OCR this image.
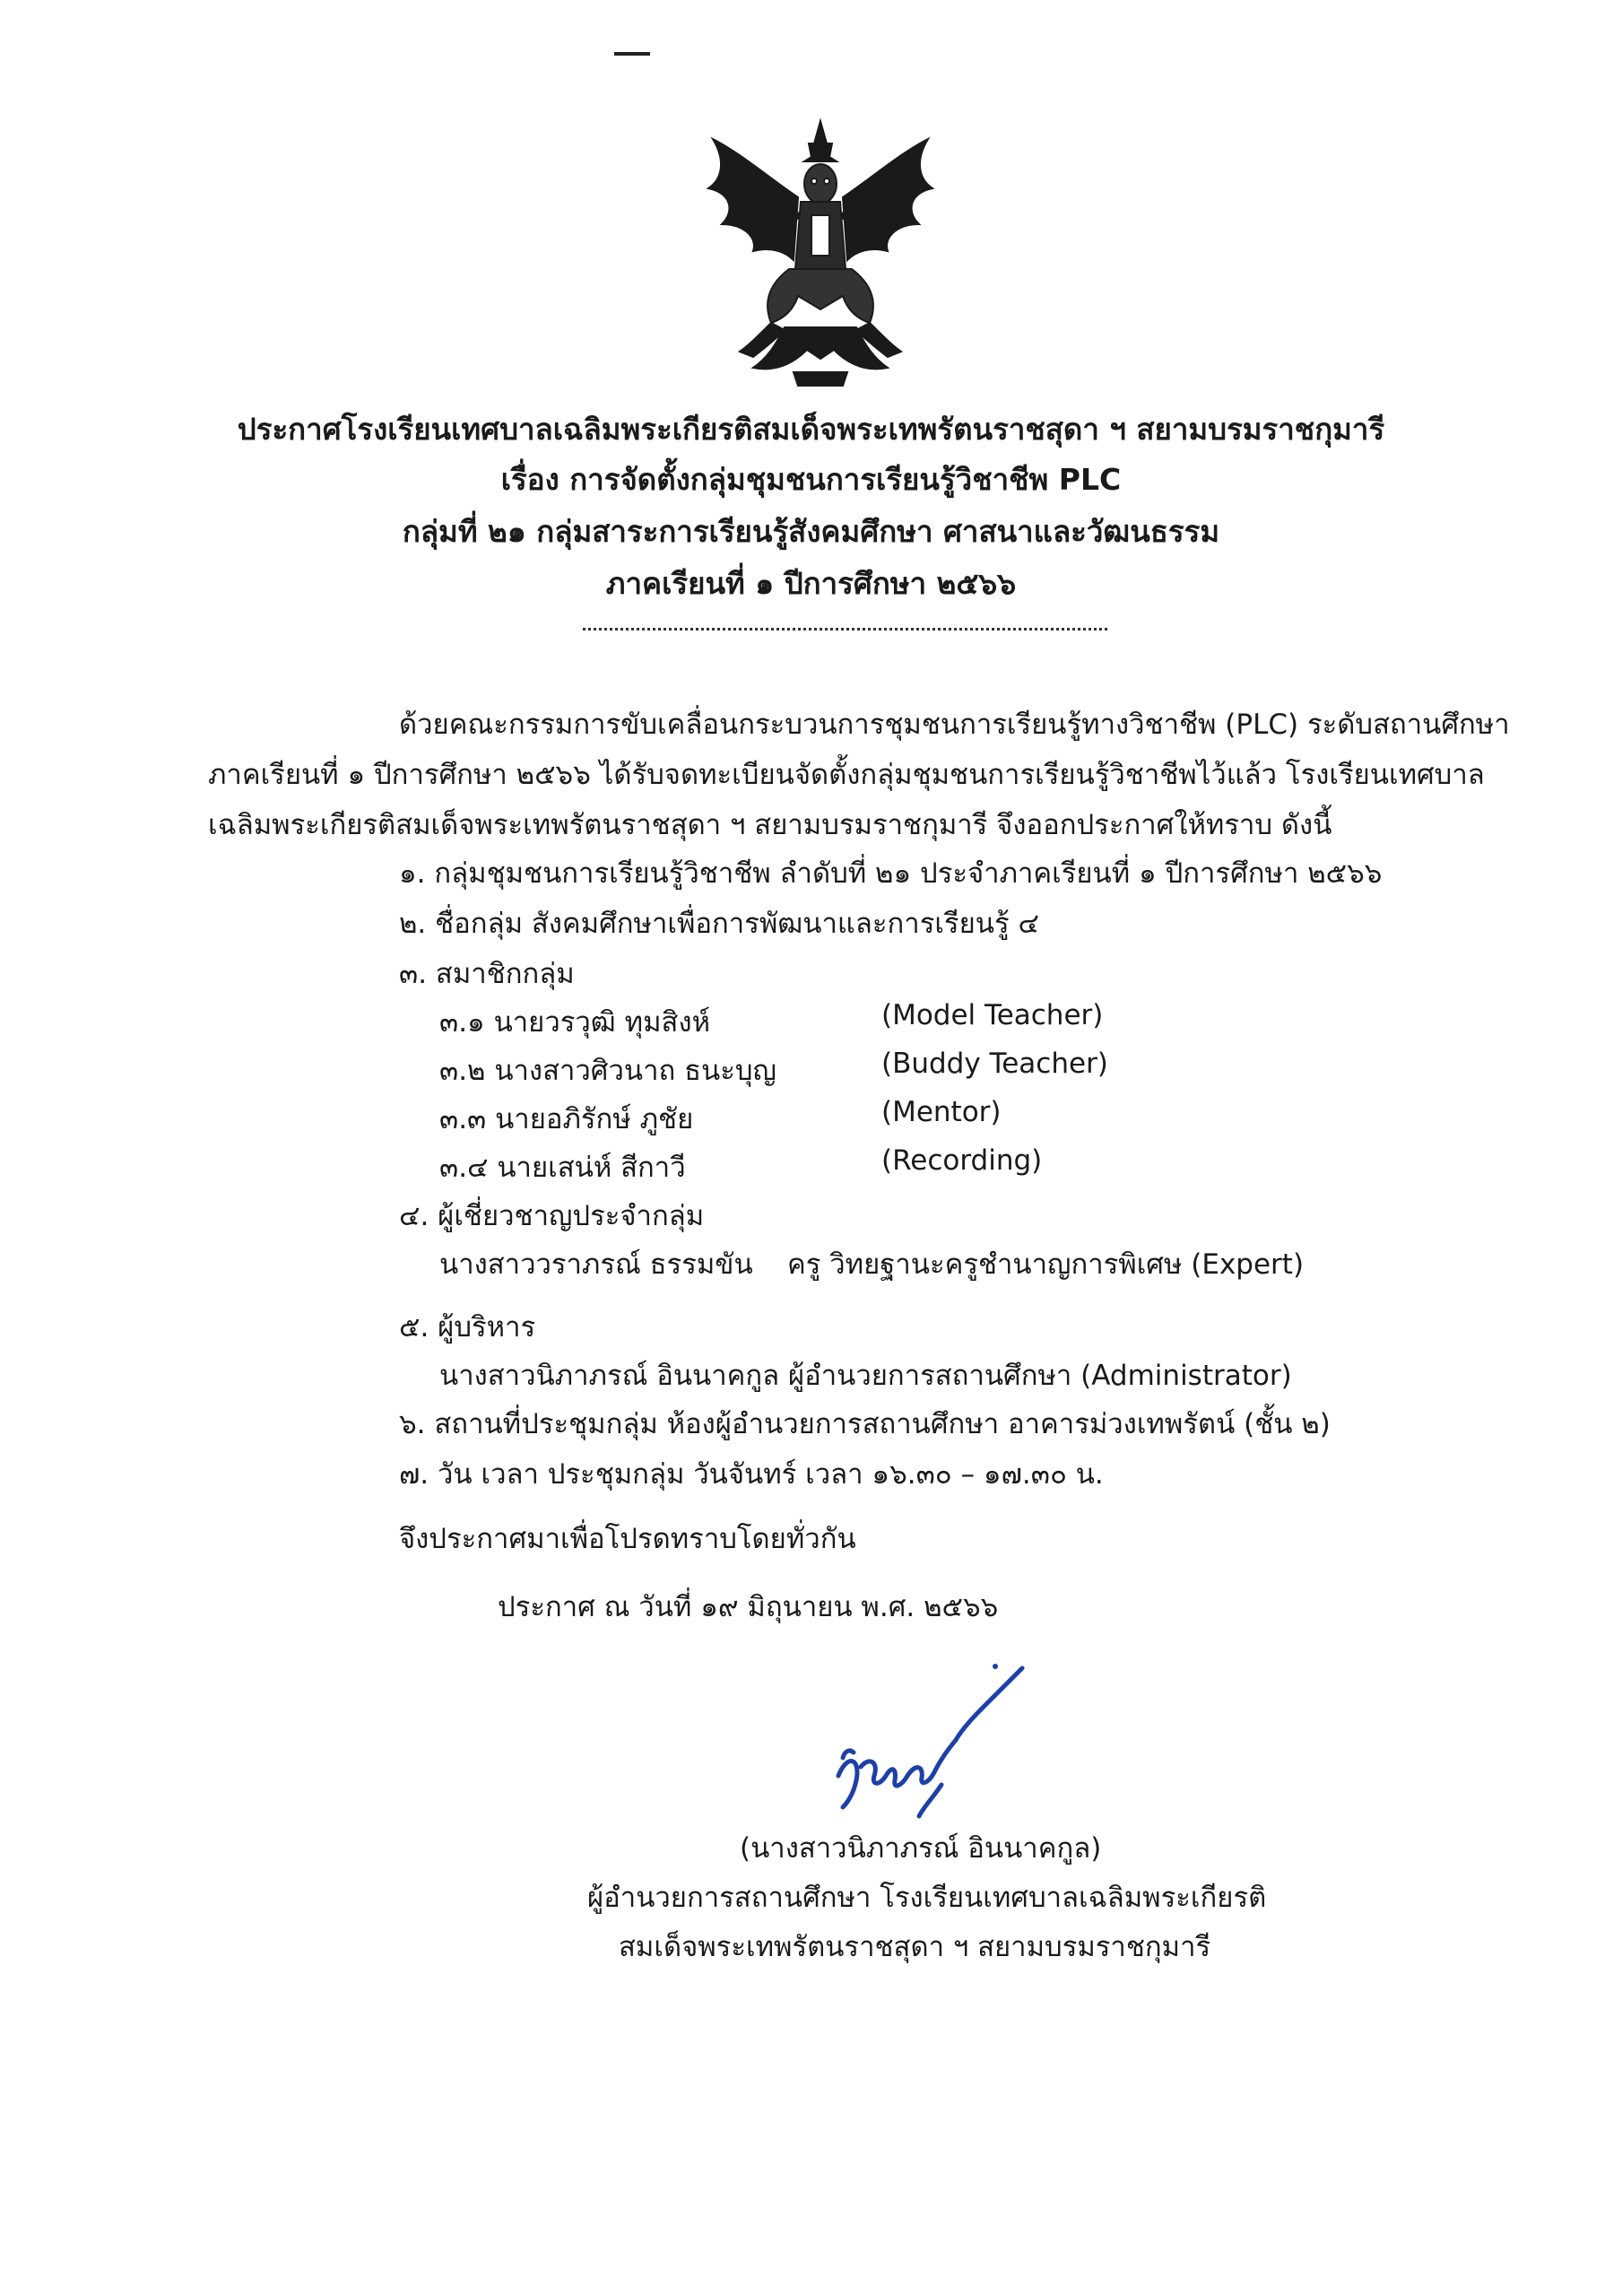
ประกาศโรงเรียนเทศบาลเฉลิมพระเกียรติสมเด็จพระเทพรัตนราชสุดา ฯ สยามบรมราชกุมารี
เรื่อง การจัดตั้งกลุ่มชุมชนการเรียนรู้วิชาชีพ PLC
กลุ่มที่ ๒๑ กลุ่มสาระการเรียนรู้สังคมศึกษา ศาสนาและวัฒนธรรม
ภาคเรียนที่ ๑ ปีการศึกษา ๒๕๖๖
ด้วยคณะกรรมการขับเคลื่อนกระบวนการชุมชนการเรียนรู้ทางวิชาชีพ (PLC) ระดับสถานศึกษา
ภาคเรียนที่ ๑ ปีการศึกษา ๒๕๖๖ ได้รับจดทะเบียนจัดตั้งกลุ่มชุมชนการเรียนรู้วิชาชีพไว้แล้ว โรงเรียนเทศบาล
เฉลิมพระเกียรติสมเด็จพระเทพรัตนราชสุดา ฯ สยามบรมราชกุมารี จึงออกประกาศให้ทราบ ดังนี้
๑. กลุ่มชุมชนการเรียนรู้วิชาชีพ ลำดับที่ ๒๑ ประจำภาคเรียนที่ ๑ ปีการศึกษา ๒๕๖๖
๒. ชื่อกลุ่ม สังคมศึกษาเพื่อการพัฒนาและการเรียนรู้ ๔
๓. สมาชิกกลุ่ม
๓.๑ นายวรวุฒิ ทุมสิงห์	(Model Teacher)
๓.๒ นางสาวศิวนาถ ธนะบุญ	(Buddy Teacher)
๓.๓ นายอภิรักษ์ ภูชัย	(Mentor)
๓.๔ นายเสน่ห์ สีกาวี	(Recording)
๔. ผู้เชี่ยวชาญประจำกลุ่ม
นางสาววราภรณ์ ธรรมขัน ครู วิทยฐานะครูชำนาญการพิเศษ (Expert)
๕. ผู้บริหาร
นางสาวนิภาภรณ์ อินนาคกูล ผู้อำนวยการสถานศึกษา (Administrator)
๖. สถานที่ประชุมกลุ่ม ห้องผู้อำนวยการสถานศึกษา อาคารม่วงเทพรัตน์ (ชั้น ๒)
๗. วัน เวลา ประชุมกลุ่ม วันจันทร์ เวลา ๑๖.๓๐ – ๑๗.๓๐ น.
จึงประกาศมาเพื่อโปรดทราบโดยทั่วกัน
ประกาศ ณ วันที่ ๑๙ มิถุนายน พ.ศ. ๒๕๖๖
(นางสาวนิภาภรณ์ อินนาคกูล)
ผู้อำนวยการสถานศึกษา โรงเรียนเทศบาลเฉลิมพระเกียรติ
สมเด็จพระเทพรัตนราชสุดา ฯ สยามบรมราชกุมารี
